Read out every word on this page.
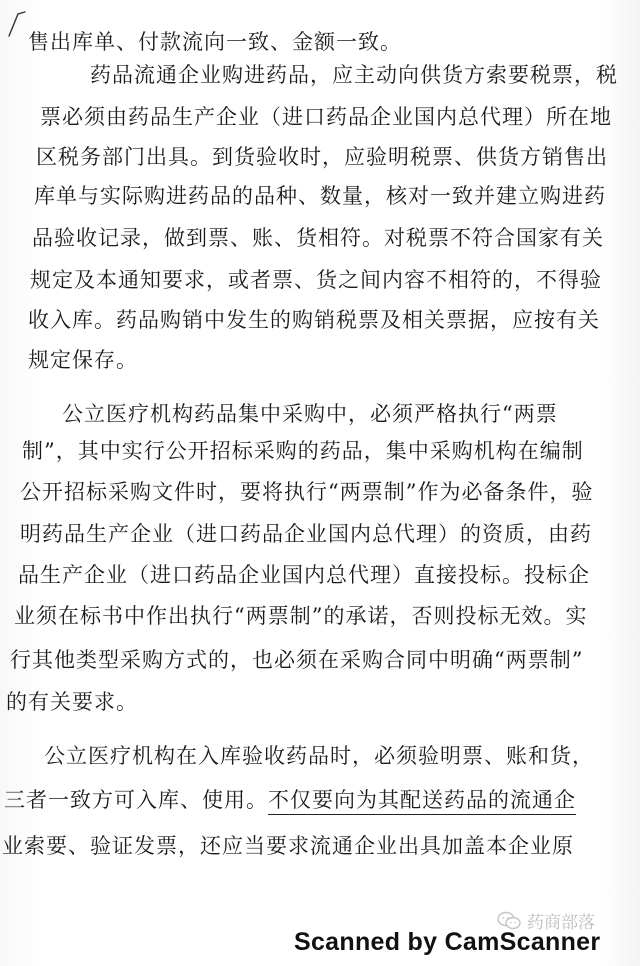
售出库单、付款流向一致、金额一致。
药品流通企业购进药品，应主动向供货方索要税票，税
票必须由药品生产企业（进口药品企业国内总代理）所在地
区税务部门出具。到货验收时，应验明税票、供货方销售出
库单与实际购进药品的品种、数量，核对一致并建立购进药
品验收记录，做到票、账、货相符。对税票不符合国家有关
规定及本通知要求，或者票、货之间内容不相符的，不得验
收入库。药品购销中发生的购销税票及相关票据，应按有关
规定保存。
公立医疗机构药品集中采购中，必须严格执行“两票
制”，其中实行公开招标采购的药品，集中采购机构在编制
公开招标采购文件时，要将执行“两票制”作为必备条件，验
明药品生产企业（进口药品企业国内总代理）的资质，由药
品生产企业（进口药品企业国内总代理）直接投标。投标企
业须在标书中作出执行“两票制”的承诺，否则投标无效。实
行其他类型采购方式的，也必须在采购合同中明确“两票制”
的有关要求。
公立医疗机构在入库验收药品时，必须验明票、账和货，
三者一致方可入库、使用。不仅要向为其配送药品的流通企
业索要、验证发票，还应当要求流通企业出具加盖本企业原
药商部落
Scanned by CamScanner
